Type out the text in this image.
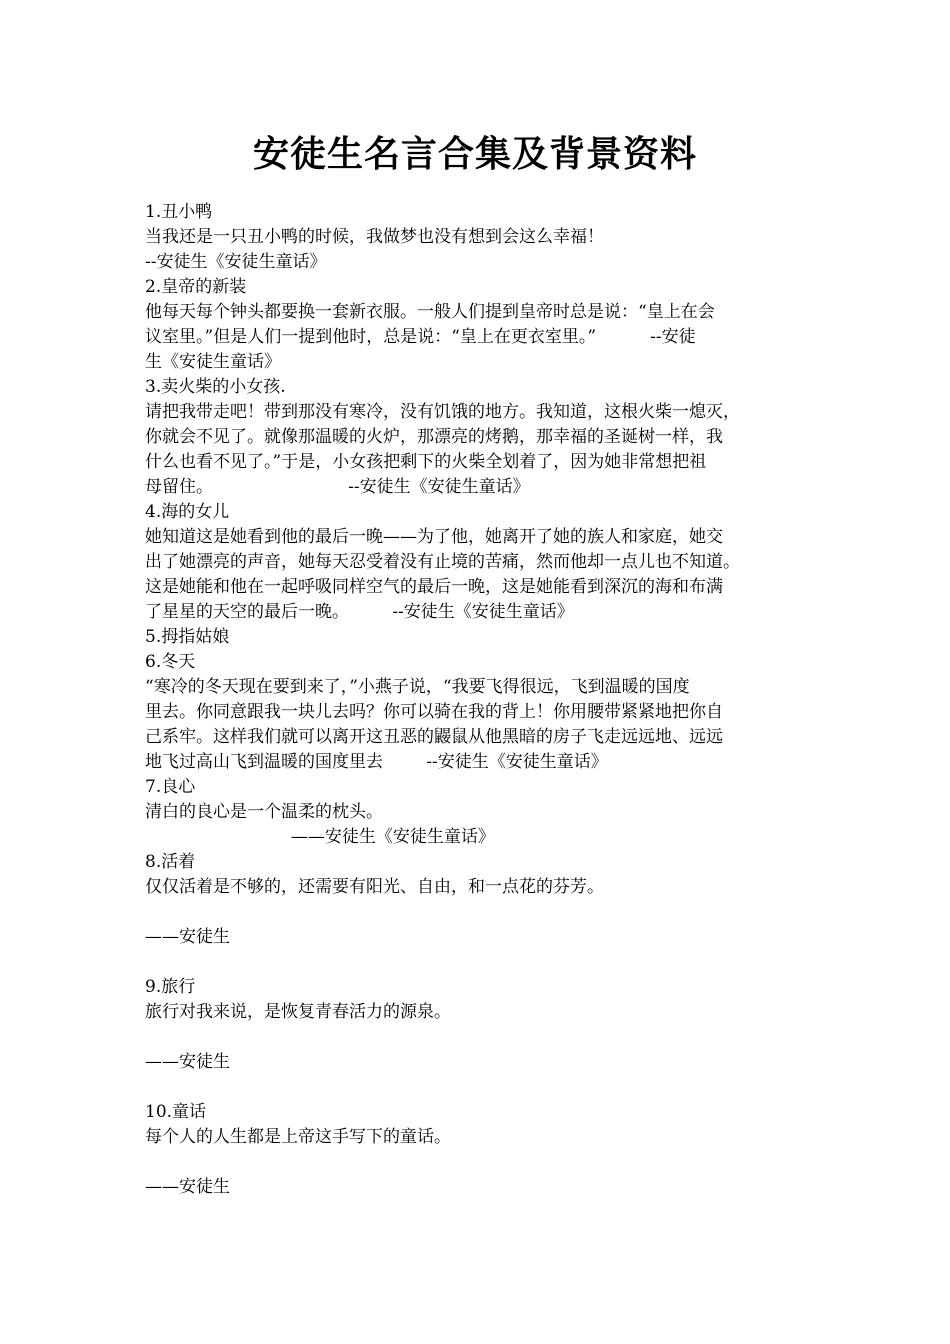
安徒生名言合集及背景资料
1.丑小鸭
当我还是一只丑小鸭的时候，我做梦也没有想到会这么幸福！
--安徒生《安徒生童话》
2.皇帝的新装
他每天每个钟头都要换一套新衣服。一般人们提到皇帝时总是说：“皇上在会
议室里。”但是人们一提到他时，总是说：“皇上在更衣室里。”          --安徒
生《安徒生童话》
3.卖火柴的小女孩.
请把我带走吧！带到那没有寒冷，没有饥饿的地方。我知道，这根火柴一熄灭，
你就会不见了。就像那温暖的火炉，那漂亮的烤鹅，那幸福的圣诞树一样，我
什么也看不见了。”于是，小女孩把剩下的火柴全划着了，因为她非常想把祖
母留住。                         --安徒生《安徒生童话》
4.海的女儿
她知道这是她看到他的最后一晚——为了他，她离开了她的族人和家庭，她交
出了她漂亮的声音，她每天忍受着没有止境的苦痛，然而他却一点儿也不知道。
这是她能和他在一起呼吸同样空气的最后一晚，这是她能看到深沉的海和布满
了星星的天空的最后一晚。        --安徒生《安徒生童话》
5.拇指姑娘
6.冬天
“寒冷的冬天现在要到来了，”小燕子说，“我要飞得很远，飞到温暖的国度
里去。你同意跟我一块儿去吗？你可以骑在我的背上！你用腰带紧紧地把你自
己系牢。这样我们就可以离开这丑恶的鼹鼠从他黑暗的房子飞走远远地、远远
地飞过高山飞到温暖的国度里去        --安徒生《安徒生童话》
7.良心
清白的良心是一个温柔的枕头。
——安徒生《安徒生童话》
8.活着
仅仅活着是不够的，还需要有阳光、自由，和一点花的芬芳。
——安徒生
9.旅行
旅行对我来说，是恢复青春活力的源泉。
——安徒生
10.童话
每个人的人生都是上帝这手写下的童话。
——安徒生
